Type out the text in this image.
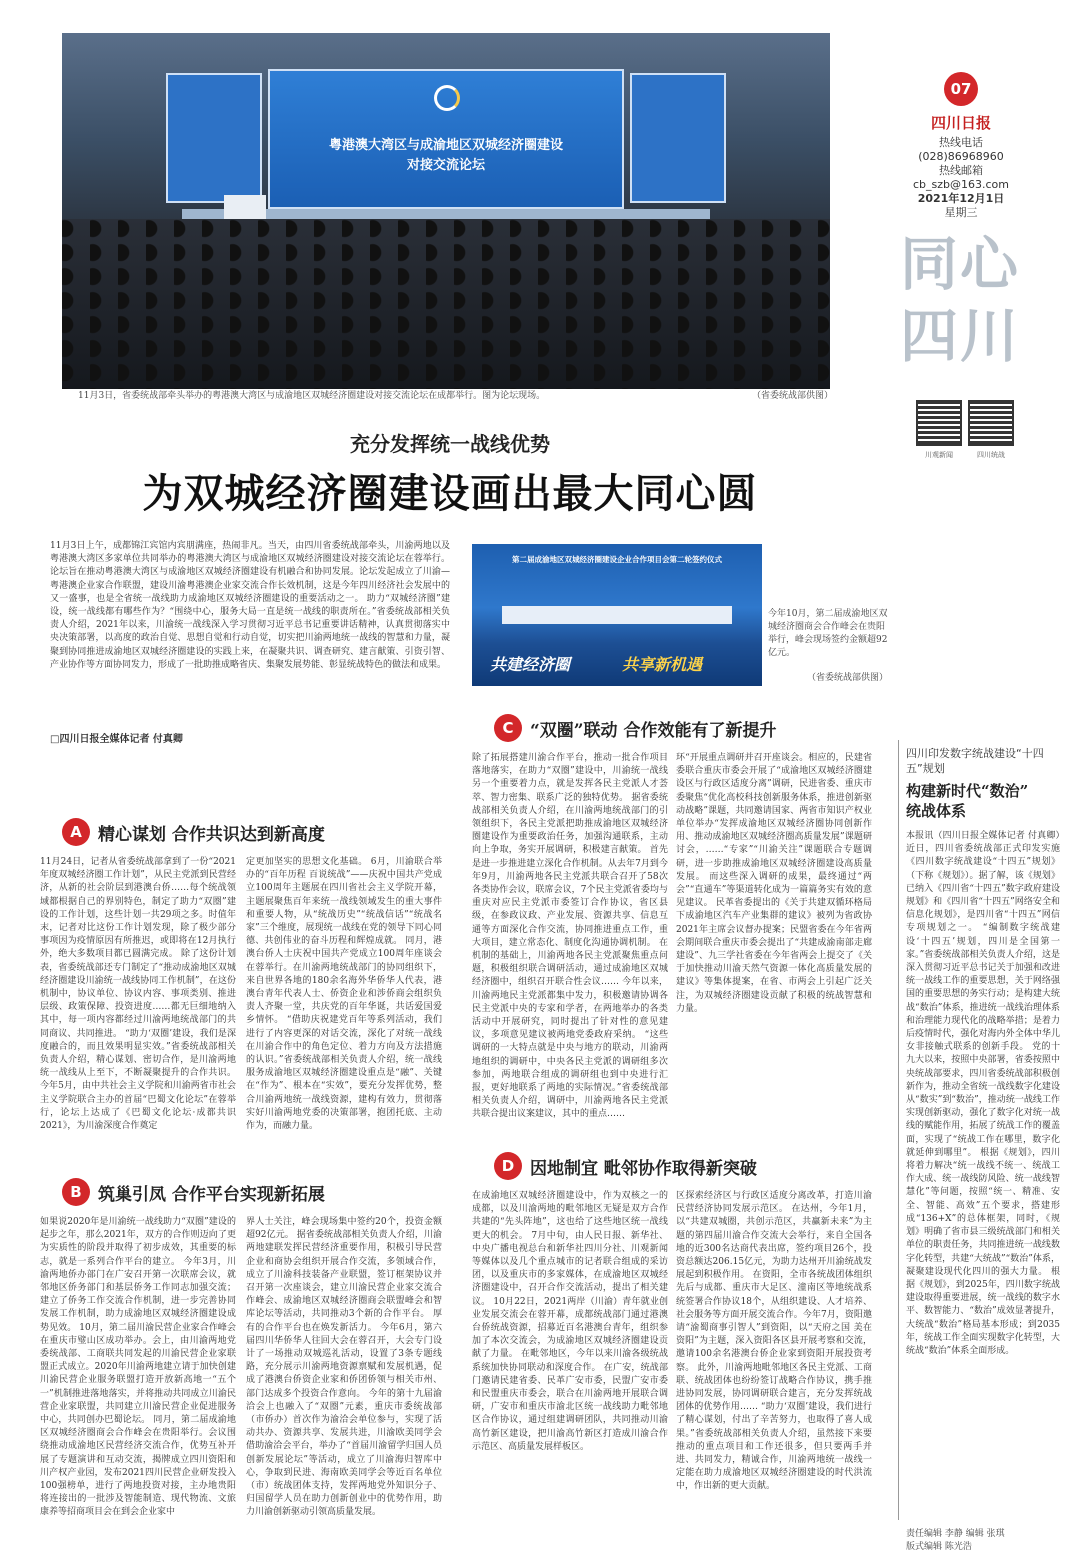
粤港澳大湾区与成渝地区双城经济圈建设
对接交流论坛
11月3日，省委统战部牵头举办的粤港澳大湾区与成渝地区双城经济圈建设对接交流论坛在成都举行。图为论坛现场。	（省委统战部供图）
07
四川日报
热线电话
(028)86968960
热线邮箱
cb_szb@163.com
2021年12月1日
星期三
同心
四川
川观新闻	四川统战
充分发挥统一战线优势
为双城经济圈建设画出最大同心圆
11月3日上午，成都锦江宾馆内宾朋满座，热闹非凡。当天，由四川省委统战部牵头，川渝两地以及粤港澳大湾区多家单位共同举办的粤港澳大湾区与成渝地区双城经济圈建设对接交流论坛在蓉举行。论坛旨在推动粤港澳大湾区与成渝地区双城经济圈建设有机融合和协同发展。论坛发起成立了川渝—粤港澳企业家合作联盟，建设川渝粤港澳企业家交流合作长效机制，这是今年四川经济社会发展中的又一盛事，也是全省统一战线助力成渝地区双城经济圈建设的重要活动之一。 助力“双城经济圈”建设，统一战线都有哪些作为？“围绕中心，服务大局一直是统一战线的职责所在。”省委统战部相关负责人介绍，2021年以来，川渝统一战线深入学习贯彻习近平总书记重要讲话精神，认真贯彻落实中央决策部署，以高度的政治自觉、思想自觉和行动自觉，切实把川渝两地统一战线的智慧和力量，凝聚到协同推进成渝地区双城经济圈建设的实践上来，在凝聚共识、调查研究、建言献策、引资引智、产业协作等方面协同发力，形成了一批助推成略省庆、集聚发展势能、彰显统战特色的做法和成果。
□四川日报全媒体记者 付真卿
第二届成渝地区双城经济圈建设企业合作项目会第二轮签约仪式
共建经济圈	共享新机遇
今年10月，第二届成渝地区双城经济圈商会合作峰会在贵阳举行，峰会现场签约金额超92亿元。
（省委统战部供图）
C “双圈”联动 合作效能有了新提升
除了拓展搭建川渝合作平台，推动一批合作项目落地落实，在助力“双圈”建设中，川渝统一战线另一个重要着力点，就是发挥各民主党派人才荟萃、智力密集、联系广泛的独特优势。 据省委统战部相关负责人介绍，在川渝两地统战部门的引领组织下，各民主党派把助推成渝地区双城经济圈建设作为重要政治任务，加强沟通联系，主动向上争取，务实开展调研，积极建言献策。 首先是进一步推进建立深化合作机制。从去年7月到今年9月，川渝两地各民主党派共联合召开了58次各类协作会议，联席会议，7个民主党派省委均与重庆对应民主党派市委签订合作协议，省区县级，在参政议政、产业发展、资源共享、信息互通等方面深化合作交流，协同推进重点工作，重大项目，建立常态化、制度化沟通协调机制。 在机制的基础上，川渝两地各民主党派聚焦重点问题，积极组织联合调研活动，通过成渝地区双城经济圈中，组织召开联合性会议…… 今年以来，川渝两地民主党派都集中发力，积极邀请协调各民主党派中央的专家和学者，在两地举办的各类活动中开展研究，同时提出了针对性的意见建议，多项意见建议被两地党委政府采纳。 “这些调研的一大特点就是中央与地方的联动，川渝两地组织的调研中，中央各民主党派的调研组多次参加，两地联合组成的调研组也到中央进行汇报，更好地联系了两地的实际情况。”省委统战部相关负责人介绍，调研中，川渝两地各民主党派共联合提出议案建议，其中的重点……
环“开展重点调研并召开座谈会。相应的，民建省委联合重庆市委会开展了“成渝地区双城经济圈建设区与行政区适度分离”调研，民进省委、重庆市委聚焦“优化高校科技创新服务体系，推进创新驱动战略”课题，共同邀请国家、两省市知识产权业单位举办“发挥成渝地区双城经济圈协同创新作用、推动成渝地区双城经济圈高质量发展”课题研讨会，……“专家”“川渝关注”课题联合专题调研，进一步助推成渝地区双城经济圈建设高质量发展。 而这些深入调研的成果，最终通过“两会”“直通车”等渠道转化成为一篇篇务实有效的意见建议。 民革省委提出的《关于共建双循环格局下成渝地区汽车产业集群的建议》被列为省政协2021年主席会议督办提案；民盟省委在今年省两会期间联合重庆市委会提出了“共建成渝南部走廊建设”、九三学社省委在今年省两会上提交了《关于加快推动川渝天然气资源一体化高质量发展的建议》等集体提案，在省、市两会上引起广泛关注，为双城经济圈建设贡献了积极的统战智慧和力量。
D 因地制宜 毗邻协作取得新突破
在成渝地区双城经济圈建设中，作为双核之一的成都，以及川渝两地的毗邻地区无疑是双方合作共建的“先头阵地”，这也给了这些地区统一战线更大的机会。 7月中旬，由人民日报、新华社、中央广播电视总台和新华社四川分社、川观新闻等媒体以及几个重点城市的记者联合组成的采访团，以及重庆市的多家媒体，在成渝地区双城经济圈建设中，召开合作交流活动，提出了相关建议。 10月22日，2021两岸（川渝）青年就业创业发展交流会在蓉开幕，成都统战部门通过港澳台侨统战资源，招募近百名港澳台青年，组织参加了本次交流会，为成渝地区双城经济圈建设贡献了力量。 在毗邻地区，今年以来川渝各级统战系统加快协同联动和深度合作。 在广安，统战部门邀请民建省委、民革广安市委，民盟广安市委和民盟重庆市委会，联合在川渝两地开展联合调研，广安市和重庆市渝北区统一战线助力毗邻地区合作协议，通过组建调研团队，共同推动川渝高竹新区建设，把川渝高竹新区打造成川渝合作示范区、高质量发展样板区。
区探索经济区与行政区适度分离改革，打造川渝民营经济协同发展示范区。 在达州，今年1月，以“共建双城圈，共创示范区，共赢新未来”为主题的第四届川渝合作交流大会举行，来自全国各地的近300名达商代表出席，签约项目26个，投资总额达206.15亿元，为助力达州开川渝统战发展起到积极作用。 在资阳，全市各统战团体组织先后与成都、重庆市大足区、潼南区等地统战系统签署合作协议18个，从组织建设、人才培养、社会服务等方面开展交流合作。今年7月，资阳邀请“渝蜀商事引智人”到资阳，以“天府之国 美在资阳”为主题，深入资阳各区县开展考察和交流，邀请100余名港澳台侨企业家到资阳开展投资考察。 此外，川渝两地毗邻地区各民主党派、工商联、统战团体也纷纷签订战略合作协议，携手推进协同发展，协同调研联合建言，充分发挥统战团体的优势作用…… “助力‘双圈’建设，我们进行了精心谋划，付出了辛苦努力，也取得了喜人成果。”省委统战部相关负责人介绍，虽然接下来要推动的重点项目和工作还很多，但只要两手并进、共同发力，精诚合作，川渝两地统一战线一定能在助力成渝地区双城经济圈建设的时代洪流中，作出新的更大贡献。
A 精心谋划 合作共识达到新高度
11月24日，记者从省委统战部拿到了一份“2021年度双城经济圈工作计划”，从民主党派到民营经济，从新的社会阶层到港澳台侨……每个统战领域都根据自己的界别特色，制定了助力“双圈”建设的工作计划，这些计划一共29项之多。时值年末，记者对比这份工作计划发现，除了极少部分事项因为疫情原因有所推迟，或即将在12月执行外，绝大多数项目都已圆满完成。 除了这份计划表，省委统战部还专门制定了“推动成渝地区双城经济圈建设川渝统一战线协同工作机制”，在这份机制中，协议单位、协议内容、事项类别、推进层级、政策保障、投资进度……都无巨细地纳入其中，每一项内容都经过川渝两地统战部门的共同商议、共同推进。 “助力‘双圈’建设，我们是深度融合的，而且效果明显实效。”省委统战部相关负责人介绍，精心谋划、密切合作，是川渝两地统一战线从上至下，不断凝聚提升的合作共识。 今年5月，由中共社会主义学院和川渝两省市社会主义学院联合主办的首届“巴蜀文化论坛”在蓉举行，论坛上达成了《巴蜀文化论坛·成都共识2021》，为川渝深度合作奠定
定更加坚实的思想文化基础。 6月，川渝联合举办的“百年历程 百说统战”——庆祝中国共产党成立100周年主题展在四川省社会主义学院开幕，主题展聚焦百年来统一战线领域发生的重大事件和重要人物，从“统战历史”“统战信话”“统战名家”三个维度，展现统一战线在党的领导下同心同德、共创伟业的奋斗历程和辉煌成就。 同月，港澳台侨人士庆祝中国共产党成立100周年座谈会在蓉举行。在川渝两地统战部门的协同组织下，来自世界各地的180余名海外华侨华人代表，港澳台青年代表人士、侨资企业和涉侨商会组织负责人齐聚一堂，共庆党的百年华诞，共话爱国爱乡情怀。 “借助庆祝建党百年等系列活动，我们进行了内容更深的对话交流，深化了对统一战线在川渝合作中的角色定位、着力方向及方法措施的认识。”省委统战部相关负责人介绍，统一战线服务成渝地区双城经济圈建设重点是“融”、关键在“作为”、根本在“实效”，要充分发挥优势，整合川渝两地统一战线资源，建构有效力，贯彻落实好川渝两地党委的决策部署，抱团托底、主动作为，而融力量。
B 筑巢引凤 合作平台实现新拓展
如果说2020年是川渝统一战线助力“双圈”建设的起步之年，那么2021年，双方的合作则迈向了更为实质性的阶段并取得了初步成效，其重要的标志，就是一系列合作平台的建立。 今年3月，川渝两地侨办部门在广安召开第一次联席会议，就邻地区侨务部门和基层侨务工作同志加强交流；建立了侨务工作交流合作机制，进一步完善协同发展工作机制，助力成渝地区双城经济圈建设成势见效。 10月，第二届川渝民营企业家合作峰会在重庆市璧山区成功举办。会上，由川渝两地党委统战部、工商联共同发起的川渝民营企业家联盟正式成立。2020年川渝两地建立请于加快创建川渝民营企业服务联盟打造开放新高地一“五个一”机制推进落地落实，并将推动共同成立川渝民营企业家联盟，共同建立川渝民营企业促进服务中心，共同创办巴蜀论坛。 同月，第二届成渝地区双城经济圈商会合作峰会在贵阳举行。会议围绕推动成渝地区民营经济交流合作，优势互补开展了专题演讲和互动交流，揭牌成立四川资阳和川产权产业园，发布2021四川民营企业研发投入100强榜单，进行了两地投资对接，主办地贵阳将连接出的一批涉及智能制造、现代物流、文旅康养等招商项目会在到会企业家中
界人士关注，峰会现场集中签约20个，投资金额超92亿元。 据省委统战部相关负责人介绍，川渝两地建联发挥民营经济重要作用，积极引导民营企业和商协会组织开展合作交流，多领域合作，成立了川渝科技装备产业联盟，签订框架协议并召开第一次座谈会，建立川渝民营企业家交流合作峰会、成渝地区双城经济圈商会联盟峰会和智库论坛等活动，共同推动3个新的合作平台。 厚有的合作平台也在焕发新活力。 今年6月，第六届四川华侨华人往回大会在蓉召开，大会专门设计了一场推动双城巡礼活动，设置了3条专题线路，充分展示川渝两地资源禀赋和发展机遇，促成了港澳台侨资企业家和侨团侨领与相关市州、部门达成多个投资合作意向。 今年的第十九届渝洽会上也融入了“双圈”元素，重庆市委统战部（市侨办）首次作为渝洽会单位参与，实现了活动共办、资源共享、发展共进，川渝欧美同学会借助渝洽会平台，举办了“首届川渝留学归国人员创新发展论坛”等活动，成立了川渝海归智库中心，争取到民进、海南欧美同学会等近百名单位（市）统战团体支持，发挥两地党外知识分子、归国留学人员在助力创新创业中的优势作用，助力川渝创新驱动引领高质量发展。
四川印发数字统战建设“十四五”规划
构建新时代“数治”
统战体系
本报讯（四川日报全媒体记者 付真卿）近日，四川省委统战部正式印发实施《四川数字统战建设“十四五”规划》（下称《规划》）。据了解，该《规划》已纳入《四川省“十四五”数字政府建设规划》和《四川省“十四五”网络安全和信息化规划》，是四川省“十四五”网信专项规划之一。 “编制数字统战建设‘十四五’规划，四川是全国第一家。”省委统战部相关负责人介绍，这是深入贯彻习近平总书记关于加强和改进统一战线工作的重要思想，关于网络强国的重要思想的务实行动；是构建大统战“数治”体系，推进统一战线治理体系和治理能力现代化的战略举措；是着力后疫情时代，强化对海内外全体中华儿女非接触式联系的创新手段。 党的十九大以来，按照中央部署，省委按照中央统战部要求，四川省委统战部积极创新作为，推动全省统一战线数字化建设从“数实”到“数治”，推动统一战线工作实现创新驱动，强化了数字化对统一战线的赋能作用，拓展了统战工作的覆盖面，实现了“统战工作在哪里，数字化就延伸到哪里”。 根据《规划》，四川将着力解决“统一战线不统一、统战工作大成、统一战线防风险、统一战线智慧化”等问题，按照“统一、精准、安全、智能、高效”五个要求，搭建形成“136+X”的总体框架，同时，《规划》明确了省市县三级统战部门和相关单位的职责任务，共同推进统一战线数字化转型，共建“大统战”“数治”体系，凝聚建设现代化四川的强大力量。 根据《规划》，到2025年，四川数字统战建设取得重要进展，统一战线的数字水平、数智能力、“数治”成效显著提升，大统战“数治”格局基本形成；到2035年，统战工作全面实现数字化转型，大统战“数治”体系全面形成。
责任编辑 李静 编辑 张琪
版式编辑 陈光浩
